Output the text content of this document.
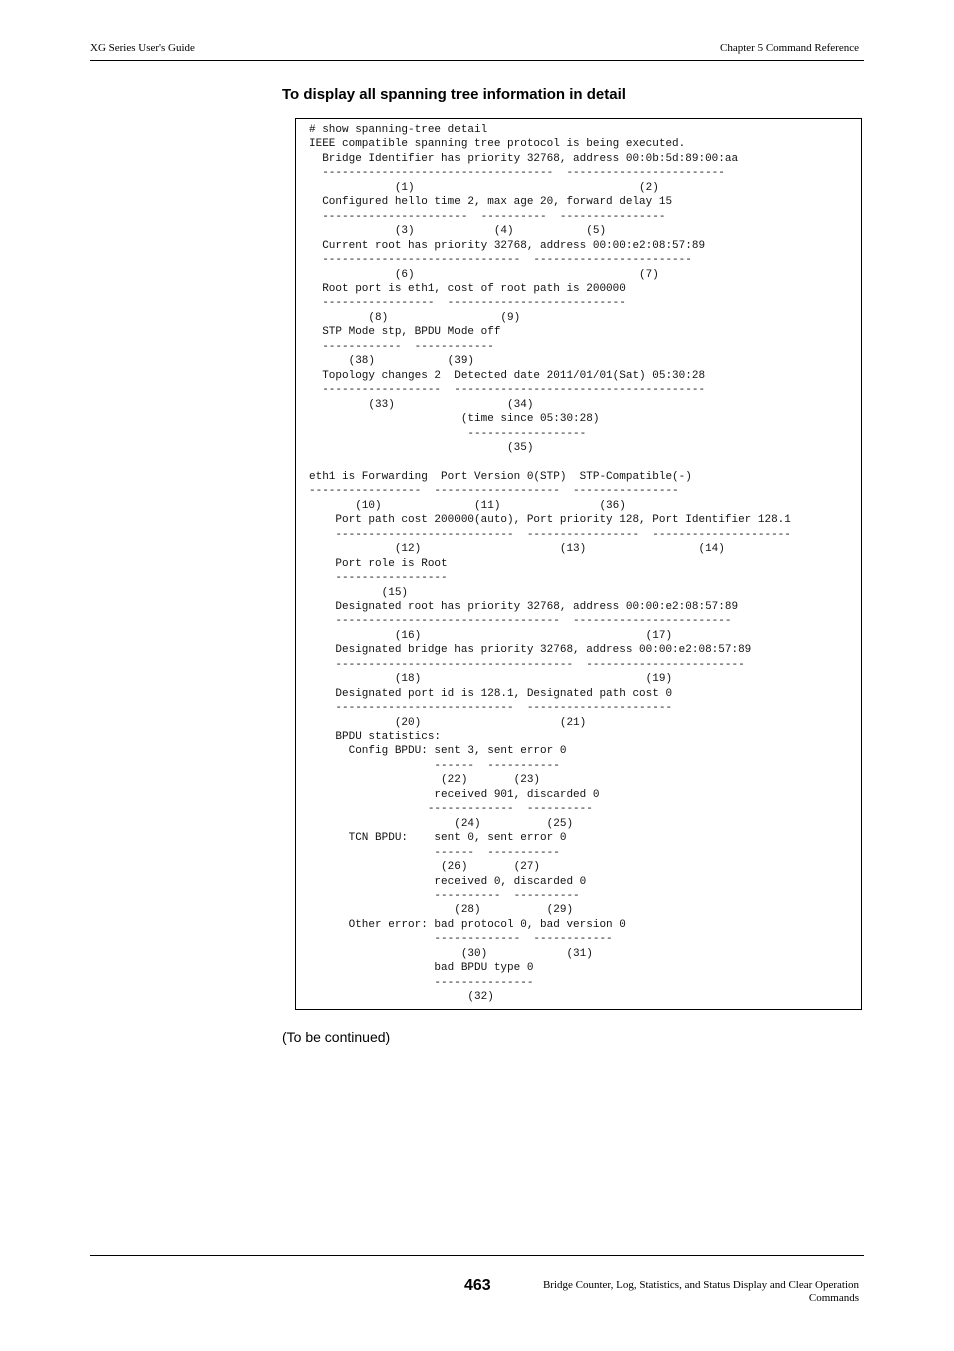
XG Series User's Guide	Chapter 5 Command Reference
To display all spanning tree information in detail
# show spanning-tree detail
IEEE compatible spanning tree protocol is being executed.
Bridge Identifier has priority 32768, address 00:0b:5d:89:00:aa
-----------------------------------  ------------------------
(1)                                  (2)
Configured hello time 2, max age 20, forward delay 15
----------------------  ----------  ----------------
(3)            (4)           (5)
Current root has priority 32768, address 00:00:e2:08:57:89
------------------------------  ------------------------
(6)                                  (7)
Root port is eth1, cost of root path is 200000
-----------------  ---------------------------
(8)                 (9)
STP Mode stp, BPDU Mode off
------------  ------------
(38)           (39)
Topology changes 2  Detected date 2011/01/01(Sat) 05:30:28
------------------  --------------------------------------
(33)                 (34)
(time since 05:30:28)
------------------
(35)

eth1 is Forwarding  Port Version 0(STP)  STP-Compatible(-)
-----------------  -------------------  ----------------
(10)              (11)               (36)
Port path cost 200000(auto), Port priority 128, Port Identifier 128.1
---------------------------  -----------------  ---------------------
(12)                     (13)                 (14)
Port role is Root
-----------------
(15)
Designated root has priority 32768, address 00:00:e2:08:57:89
----------------------------------  ------------------------
(16)                                  (17)
Designated bridge has priority 32768, address 00:00:e2:08:57:89
------------------------------------  ------------------------
(18)                                  (19)
Designated port id is 128.1, Designated path cost 0
---------------------------  ----------------------
(20)                     (21)
BPDU statistics:
Config BPDU: sent 3, sent error 0
------  -----------
(22)       (23)
received 901, discarded 0
-------------  ----------
(24)          (25)
TCN BPDU:    sent 0, sent error 0
------  -----------
(26)       (27)
received 0, discarded 0
----------  ----------
(28)          (29)
Other error: bad protocol 0, bad version 0
-------------  ------------
(30)            (31)
bad BPDU type 0
---------------
(32)
(To be continued)
463	Bridge Counter, Log, Statistics, and Status Display and Clear Operation
Commands
